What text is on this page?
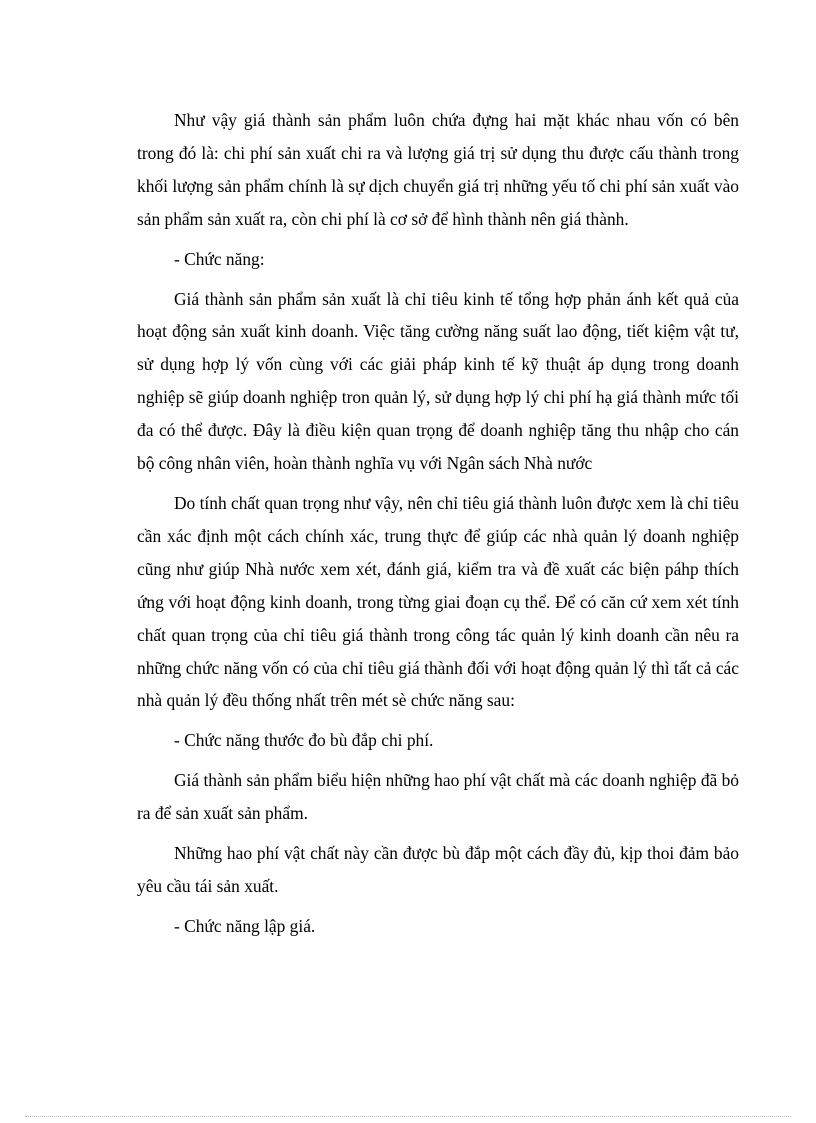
Như vậy giá thành sản phẩm luôn chứa đựng hai mặt khác nhau vốn có bên trong đó là: chi phí sản xuất chi ra và lượng giá trị sử dụng thu được cấu thành trong khối lượng sản phẩm chính là sự dịch chuyển giá trị những yếu tố chi phí sản xuất vào sản phẩm sản xuất ra, còn chi phí là cơ sở để hình thành nên giá thành.

- Chức năng:

Giá thành sản phẩm sản xuất là chỉ tiêu kinh tế tổng hợp phản ánh kết quả của hoạt động sản xuất kinh doanh. Việc tăng cường năng suất lao động, tiết kiệm vật tư, sử dụng hợp lý vốn cùng với các giải pháp kinh tế kỹ thuật áp dụng trong doanh nghiệp sẽ giúp doanh nghiệp tron quản lý, sử dụng hợp lý chi phí hạ giá thành mức tối đa có thể được. Đây là điều kiện quan trọng để doanh nghiệp tăng thu nhập cho cán bộ công nhân viên, hoàn thành nghĩa vụ với Ngân sách Nhà nước

Do tính chất quan trọng như vậy, nên chỉ tiêu giá thành luôn được xem là chỉ tiêu cần xác định một cách chính xác, trung thực để giúp các nhà quản lý doanh nghiệp cũng như giúp Nhà nước xem xét, đánh giá, kiểm tra và đề xuất các biện páhp thích ứng với hoạt động kinh doanh, trong từng giai đoạn cụ thể. Để có căn cứ xem xét tính chất quan trọng của chỉ tiêu giá thành trong công tác quản lý kinh doanh cần nêu ra những chức năng vốn có của chỉ tiêu giá thành đối với hoạt động quản lý thì tất cả các nhà quản lý đều thống nhất trên mét sè chức năng sau:

- Chức năng thước đo bù đắp chi phí.

Giá thành sản phẩm biểu hiện những hao phí vật chất mà các doanh nghiệp đã bỏ ra để sản xuất sản phẩm.

Những hao phí vật chất này cần được bù đắp một cách đầy đủ, kịp thoi đảm bảo yêu cầu tái sản xuất.

- Chức năng lập giá.
